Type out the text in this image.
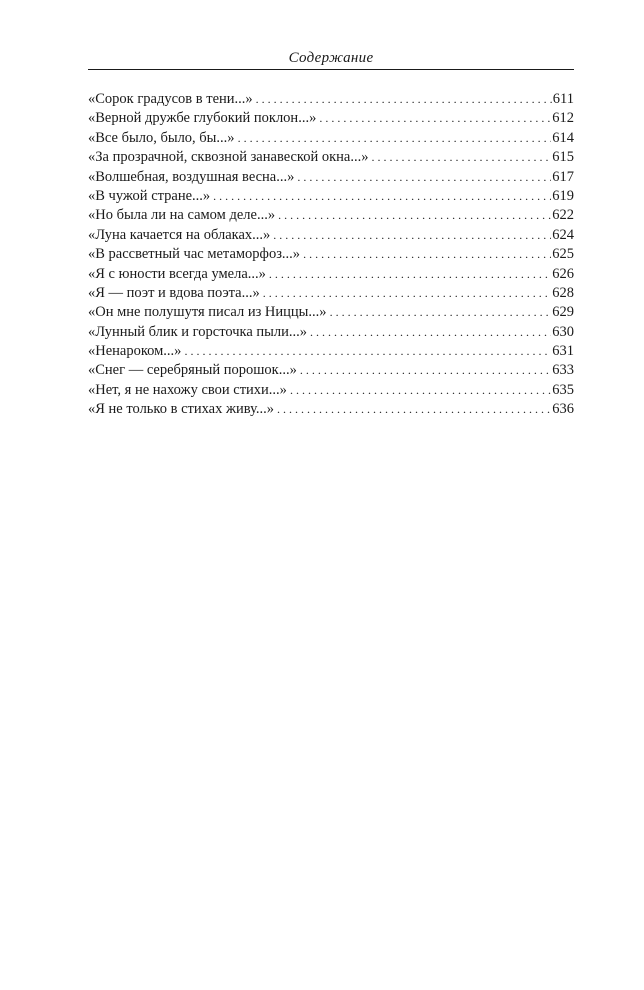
Содержание
«Сорок градусов в тени...» . . .	611
«Верной дружбе глубокий поклон...» . . .	612
«Все было, было, бы...» . . .	614
«За прозрачной, сквозной занавеской окна...» . . .	615
«Волшебная, воздушная весна...» . . .	617
«В чужой стране...» . . .	619
«Но была ли на самом деле...» . . .	622
«Луна качается на облаках...» . . .	624
«В рассветный час метаморфоз...» . . .	625
«Я с юности всегда умела...» . . .	626
«Я — поэт и вдова поэта...» . . .	628
«Он мне полушутя писал из Ниццы...» . . .	629
«Лунный блик и горсточка пыли...» . . .	630
«Ненароком...» . . .	631
«Снег — серебряный порошок...» . . .	633
«Нет, я не нахожу свои стихи...» . . .	635
«Я не только в стихах живу...» . . .	636
